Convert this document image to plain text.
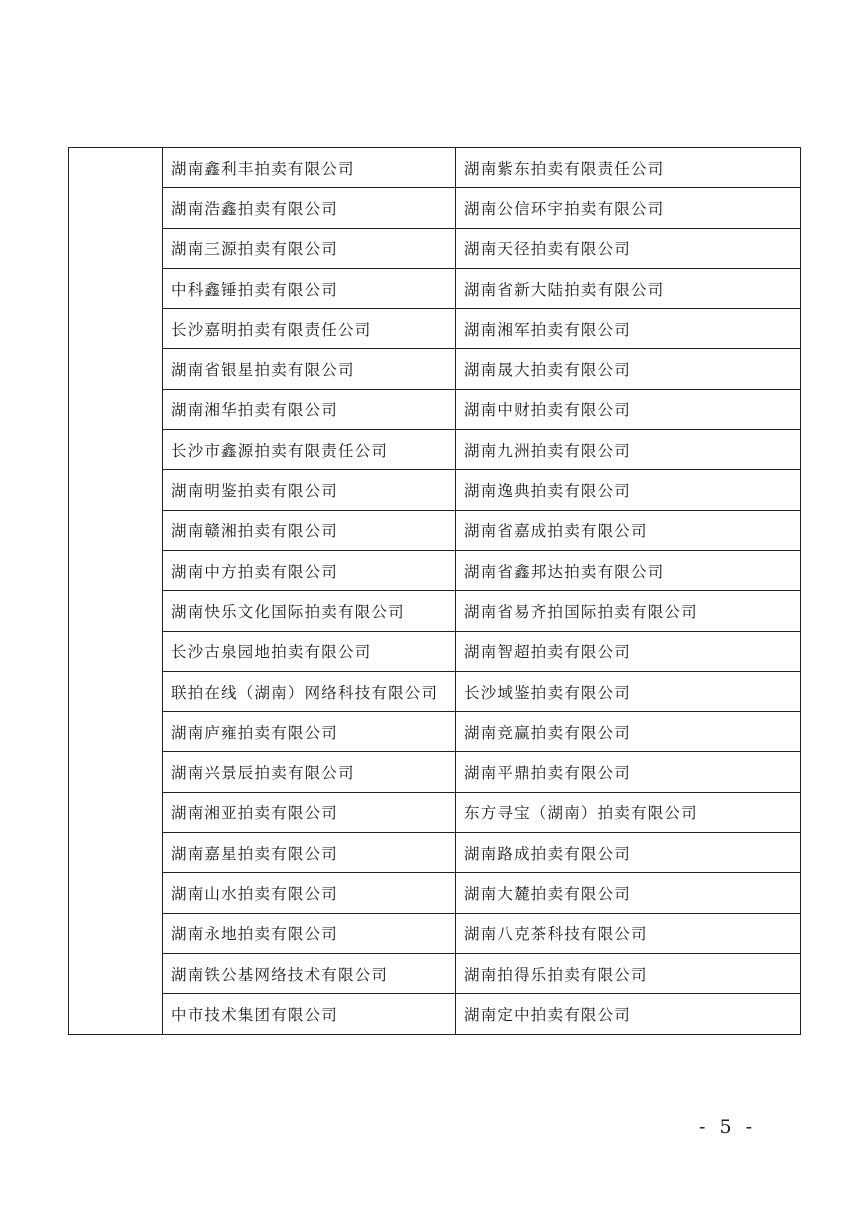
	湖南鑫利丰拍卖有限公司	湖南紫东拍卖有限责任公司
	湖南浩鑫拍卖有限公司	湖南公信环宇拍卖有限公司
	湖南三源拍卖有限公司	湖南天径拍卖有限公司
	中科鑫锤拍卖有限公司	湖南省新大陆拍卖有限公司
	长沙嘉明拍卖有限责任公司	湖南湘军拍卖有限公司
	湖南省银星拍卖有限公司	湖南晟大拍卖有限公司
	湖南湘华拍卖有限公司	湖南中财拍卖有限公司
	长沙市鑫源拍卖有限责任公司	湖南九洲拍卖有限公司
	湖南明鉴拍卖有限公司	湖南逸典拍卖有限公司
	湖南赣湘拍卖有限公司	湖南省嘉成拍卖有限公司
	湖南中方拍卖有限公司	湖南省鑫邦达拍卖有限公司
	湖南快乐文化国际拍卖有限公司	湖南省易齐拍国际拍卖有限公司
	长沙古泉园地拍卖有限公司	湖南智超拍卖有限公司
	联拍在线（湖南）网络科技有限公司	长沙域鉴拍卖有限公司
	湖南庐雍拍卖有限公司	湖南竞赢拍卖有限公司
	湖南兴景辰拍卖有限公司	湖南平鼎拍卖有限公司
	湖南湘亚拍卖有限公司	东方寻宝（湖南）拍卖有限公司
	湖南嘉星拍卖有限公司	湖南路成拍卖有限公司
	湖南山水拍卖有限公司	湖南大麓拍卖有限公司
	湖南永地拍卖有限公司	湖南八克茶科技有限公司
	湖南铁公基网络技术有限公司	湖南拍得乐拍卖有限公司
	中市技术集团有限公司	湖南定中拍卖有限公司
- 5 -
